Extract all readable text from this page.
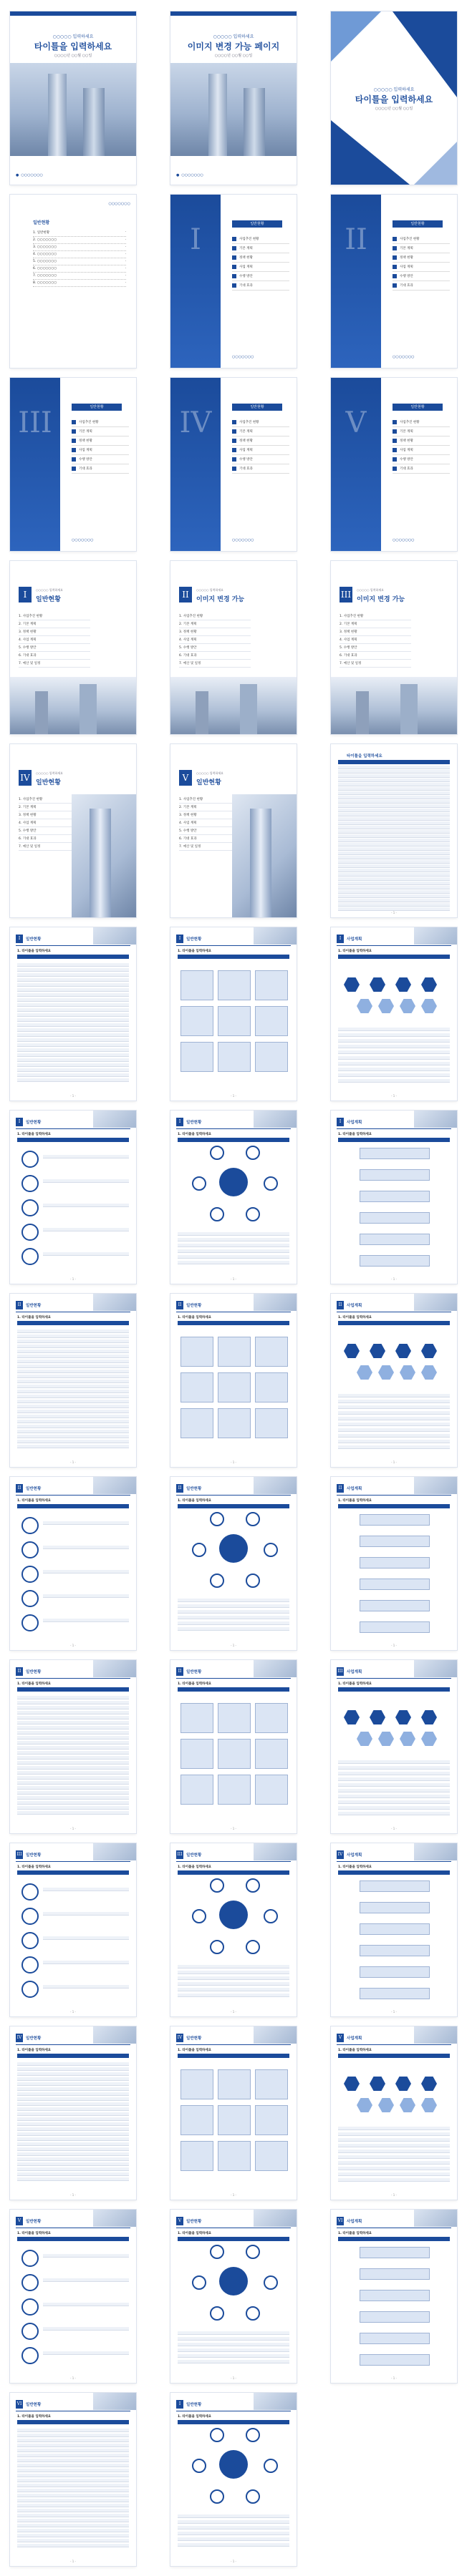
○○○○○ 입력하세요
타이틀을 입력하세요
○○○○년 ○○월 ○○일
● ○○○○○○○
○○○○○ 입력하세요
이미지 변경 가능 페이지
○○○○년 ○○월 ○○일
● ○○○○○○○
○○○○○ 입력하세요
타이틀을 입력하세요
○○○○년 ○○월 ○○일
○○○○○○○
일반현황
1. 일반현황	·
2. ○○○○○○○	·
3. ○○○○○○○	·
4. ○○○○○○○	·
5. ○○○○○○○	·
6. ○○○○○○○	·
7. ○○○○○○○	·
8. ○○○○○○○	·
I	일반현황
사업추진 현황
기본 계획
정책 현황
사업 계획
수행 방안
기대 효과
○○○○○○○
II	일반현황
사업추진 현황
기본 계획
정책 현황
사업 계획
수행 방안
기대 효과
○○○○○○○
III	일반현황
사업추진 현황
기본 계획
정책 현황
사업 계획
수행 방안
기대 효과
○○○○○○○
IV	일반현황
사업추진 현황
기본 계획
정책 현황
사업 계획
수행 방안
기대 효과
○○○○○○○
V	일반현황
사업추진 현황
기본 계획
정책 현황
사업 계획
수행 방안
기대 효과
○○○○○○○
I	○○○○○ 입력하세요
일반현황
1. 사업추진 현황
2. 기본 계획
3. 정책 현황
4. 사업 계획
5. 수행 방안
6. 기대 효과
7. 예산 및 일정
II	○○○○○ 입력하세요
이미지 변경 가능
1. 사업추진 현황
2. 기본 계획
3. 정책 현황
4. 사업 계획
5. 수행 방안
6. 기대 효과
7. 예산 및 일정
III	○○○○○ 입력하세요
이미지 변경 가능
1. 사업추진 현황
2. 기본 계획
3. 정책 현황
4. 사업 계획
5. 수행 방안
6. 기대 효과
7. 예산 및 일정
IV	○○○○○ 입력하세요
일반현황
1. 사업추진 현황
2. 기본 계획
3. 정책 현황
4. 사업 계획
5. 수행 방안
6. 기대 효과
7. 예산 및 일정
V	○○○○○ 입력하세요
일반현황
1. 사업추진 현황
2. 기본 계획
3. 정책 현황
4. 사업 계획
5. 수행 방안
6. 기대 효과
7. 예산 및 일정
타이틀을 입력하세요
- 1 -
I	일반현황
- 1 -
1. 타이틀을 입력하세요
I	일반현황
- 1 -
1. 타이틀을 입력하세요
I	사업계획
- 1 -
1. 타이틀을 입력하세요
I	일반현황
- 1 -
1. 타이틀을 입력하세요
I	일반현황
- 1 -
1. 타이틀을 입력하세요
I	사업계획
- 1 -
1. 타이틀을 입력하세요
II	일반현황
- 1 -
1. 타이틀을 입력하세요
II	일반현황
- 1 -
1. 타이틀을 입력하세요
II	사업계획
- 1 -
1. 타이틀을 입력하세요
II	일반현황
- 1 -
1. 타이틀을 입력하세요
II	일반현황
- 1 -
1. 타이틀을 입력하세요
II	사업계획
- 1 -
1. 타이틀을 입력하세요
II	일반현황
- 1 -
1. 타이틀을 입력하세요
II	일반현황
- 1 -
1. 타이틀을 입력하세요
III 사업계획
- 1 -
1. 타이틀을 입력하세요
III 일반현황
- 1 -
1. 타이틀을 입력하세요
III 일반현황
- 1 -
1. 타이틀을 입력하세요
IV	사업계획
- 1 -
1. 타이틀을 입력하세요
IV	일반현황
- 1 -
1. 타이틀을 입력하세요
IV	일반현황
- 1 -
1. 타이틀을 입력하세요
V	사업계획
- 1 -
1. 타이틀을 입력하세요
V	일반현황
- 1 -
1. 타이틀을 입력하세요
V	일반현황
- 1 -
1. 타이틀을 입력하세요
VI	사업계획
- 1 -
1. 타이틀을 입력하세요
VI	일반현황
- 1 -
1. 타이틀을 입력하세요
I	일반현황
- 1 -
1. 타이틀을 입력하세요
